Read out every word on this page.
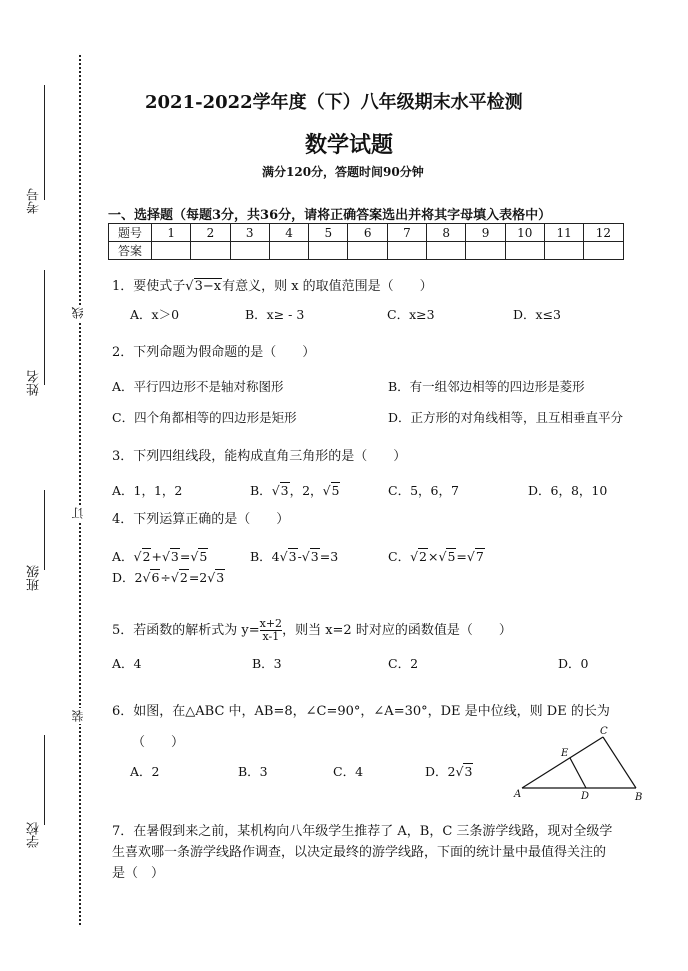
考号
姓名
班级
学校
线
订
装
2021-2022学年度（下）八年级期末水平检测
数学试题
满分120分，答题时间90分钟
一、选择题（每题3分，共36分，请将正确答案选出并将其字母填入表格中）
题号	1	2	3	4	5	6	7	8	9	10	11	12
答案												
1．要使式子√3−x有意义，则 x 的取值范围是（　　）
A．x＞0	B．x≥ - 3	C．x≥3	D．x≤3
2．下列命题为假命题的是（　　）
A．平行四边形不是轴对称图形	B．有一组邻边相等的四边形是菱形
C．四个角都相等的四边形是矩形	D．正方形的对角线相等，且互相垂直平分
3．下列四组线段，能构成直角三角形的是（　　）
A．1，1，2	B．√3，2，√5	C．5，6，7	D．6，8，10
4．下列运算正确的是（　　）
A．√2+√3=√5	B．4√3-√3=3	C．√2×√5=√7
D．2√6÷√2=2√3
5．若函数的解析式为 $y= \frac{x+2}{x-1}$ ，则当 x=2 时对应的函数值是（　　）
A．4	B．3	C．2	D．0
6．如图，在△ABC 中，AB=8，∠C=90°，∠A=30°，DE 是中位线，则 DE 的长为
（　　）
A．2	B．3	C．4	D．2√3
A	B
C
D
E
7．在暑假到来之前，某机构向八年级学生推荐了 A，B，C 三条游学线路，现对全级学
生喜欢哪一条游学线路作调查，以决定最终的游学线路，下面的统计量中最值得关注的
是（　）
